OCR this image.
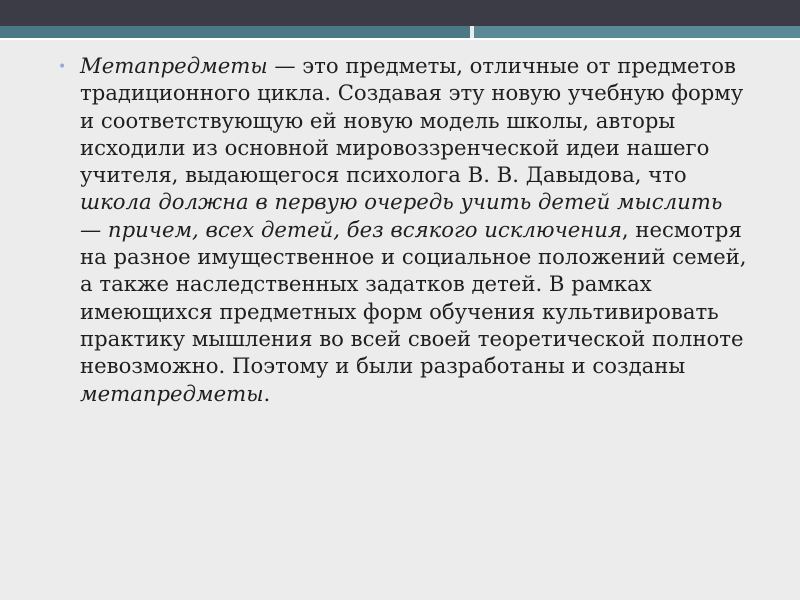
• Метапредметы — это предметы, отличные от предметов традиционного цикла. Создавая эту новую учебную форму и соответствующую ей новую модель школы, авторы исходили из основной мировоззренческой идеи нашего учителя, выдающегося психолога В. В. Давыдова, что школа должна в первую очередь учить детей мыслить — причем, всех детей, без всякого исключения, несмотря на разное имущественное и социальное положений семей, а также наследственных задатков детей. В рамках имеющихся предметных форм обучения культивировать практику мышления во всей своей теоретической полноте невозможно. Поэтому и были разработаны и созданы метапредметы.
